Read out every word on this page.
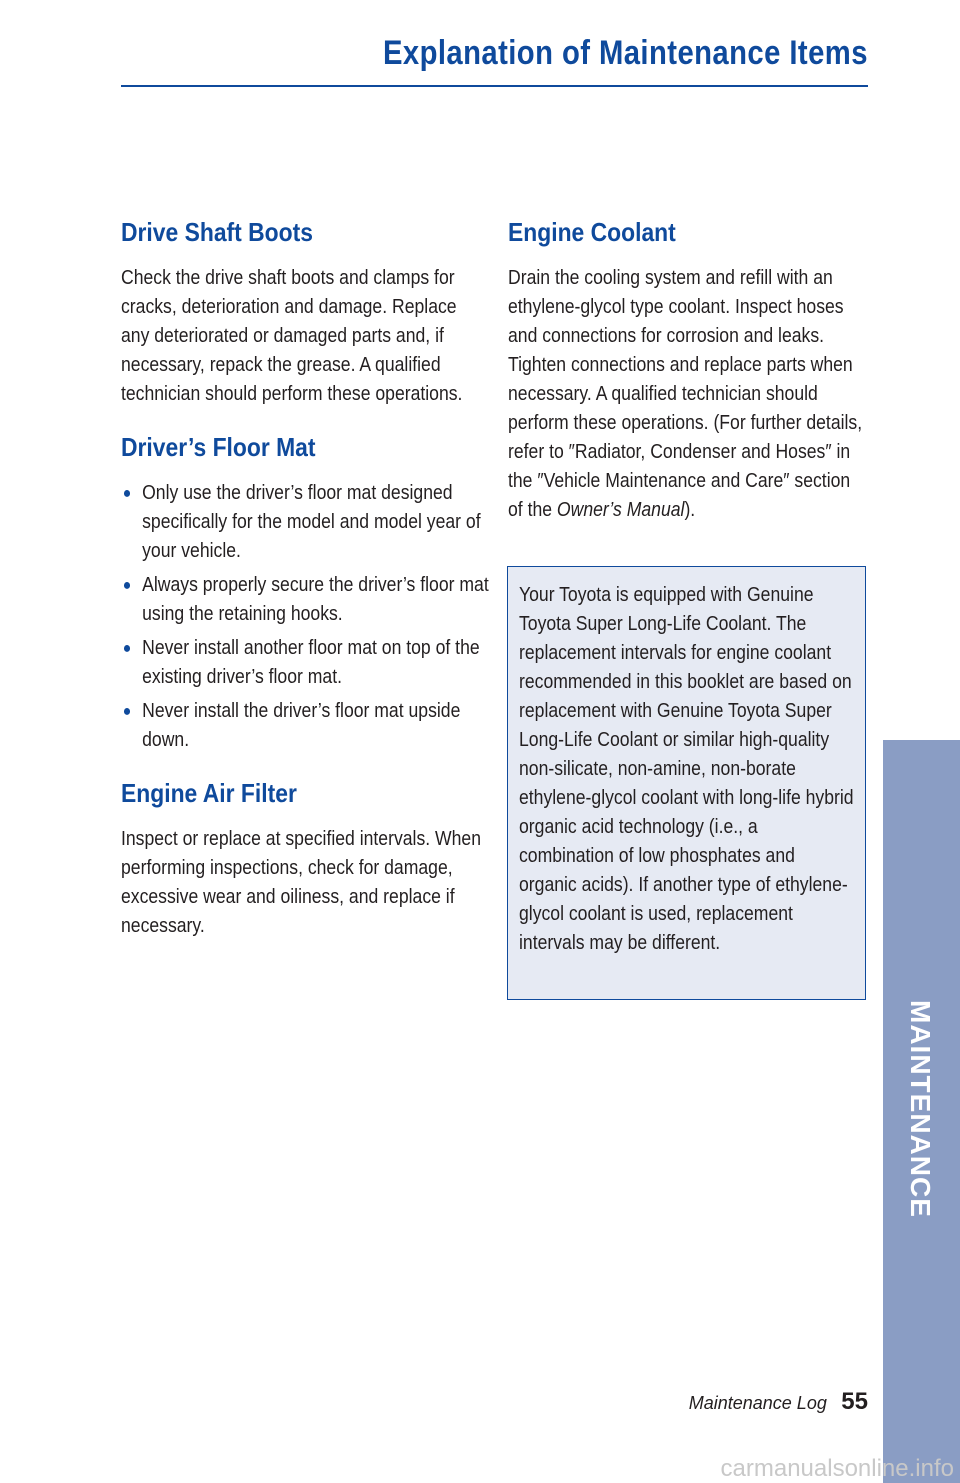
Explanation of Maintenance Items
Drive Shaft Boots

Check the drive shaft boots and clamps for cracks, deterioration and damage. Replace any deteriorated or damaged parts and, if necessary, repack the grease. A qualified technician should perform these operations.

Driver’s Floor Mat
● Only use the driver’s floor mat designed specifically for the model and model year of your vehicle.
● Always properly secure the driver’s floor mat using the retaining hooks.
● Never install another floor mat on top of the existing driver’s floor mat.
● Never install the driver’s floor mat upside down.
Engine Air Filter

Inspect or replace at specified intervals. When performing inspections, check for damage, excessive wear and oiliness, and replace if necessary.

Engine Coolant

Drain the cooling system and refill with an ethylene-glycol type coolant. Inspect hoses and connections for corrosion and leaks. Tighten connections and replace parts when necessary. A qualified technician should perform these operations. (For further details, refer to ″Radiator, Condenser and Hoses″ in the ″Vehicle Maintenance and Care″ section of the Owner’s Manual).

Your Toyota is equipped with Genuine Toyota Super Long-Life Coolant. The replacement intervals for engine coolant recommended in this booklet are based on replacement with Genuine Toyota Super Long-Life Coolant or similar high-quality non-silicate, non-amine, non-borate ethylene-glycol coolant with long-life hybrid organic acid technology (i.e., a combination of low phosphates and organic acids). If another type of ethylene-glycol coolant is used, replacement intervals may be different.

MAINTENANCE
Maintenance Log 55
carmanualsonline.info
